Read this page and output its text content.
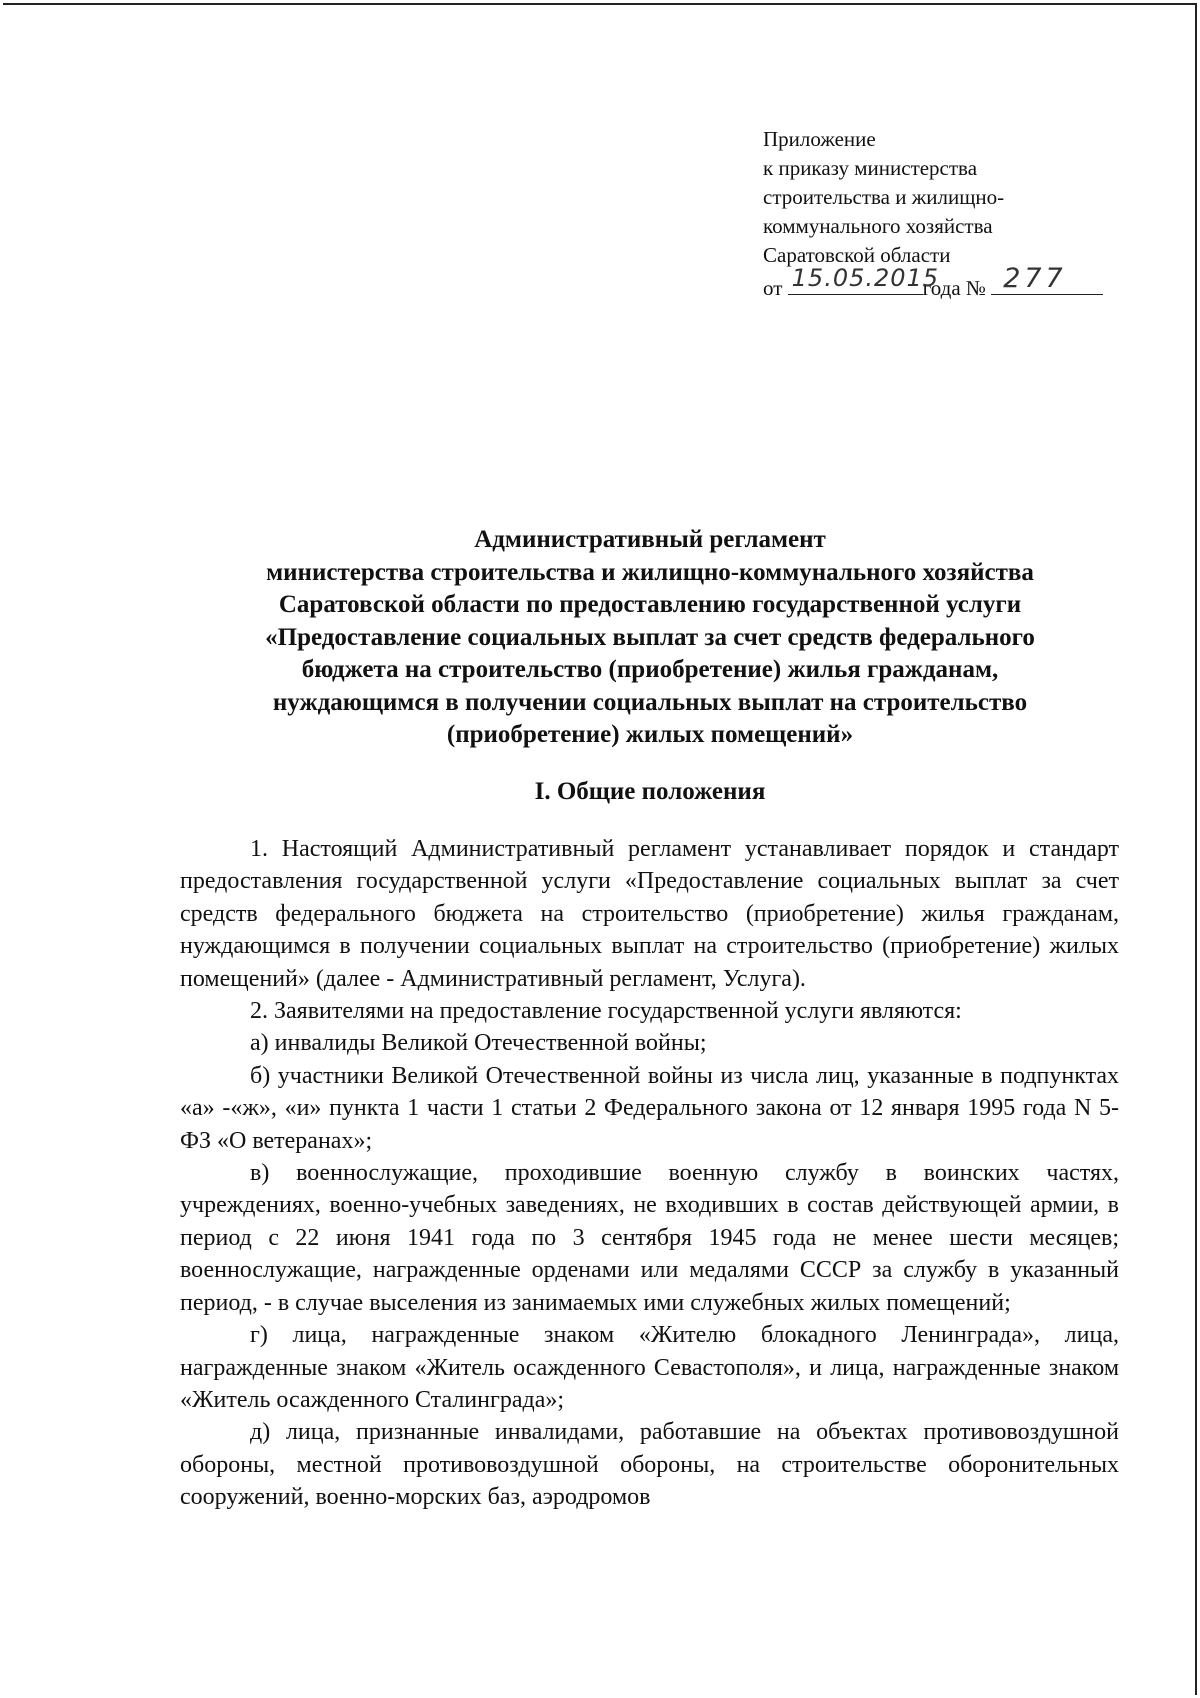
Приложение
к приказу министерства
строительства и жилищно-
коммунального хозяйства
Саратовской области
от 15.05.2015
года № 277
Административный регламент
министерства строительства и жилищно-коммунального хозяйства
Саратовской области по предоставлению государственной услуги
«Предоставление социальных выплат за счет средств федерального
бюджета на строительство (приобретение) жилья гражданам,
нуждающимся в получении социальных выплат на строительство
(приобретение) жилых помещений»
I. Общие положения

1. Настоящий Административный регламент устанавливает порядок и стандарт предоставления государственной услуги «Предоставление социальных выплат за счет средств федерального бюджета на строительство (приобретение) жилья гражданам, нуждающимся в получении социальных выплат на строительство (приобретение) жилых помещений» (далее - Административный регламент, Услуга).

2. Заявителями на предоставление государственной услуги являются:

а) инвалиды Великой Отечественной войны;

б) участники Великой Отечественной войны из числа лиц, указанные в подпунктах «а» -«ж», «и» пункта 1 части 1 статьи 2 Федерального закона от 12 января 1995 года N 5-ФЗ «О ветеранах»;

в) военнослужащие, проходившие военную службу в воинских частях, учреждениях, военно-учебных заведениях, не входивших в состав действующей армии, в период с 22 июня 1941 года по 3 сентября 1945 года не менее шести месяцев; военнослужащие, награжденные орденами или медалями СССР за службу в указанный период, - в случае выселения из занимаемых ими служебных жилых помещений;

г) лица, награжденные знаком «Жителю блокадного Ленинграда», лица, награжденные знаком «Житель осажденного Севастополя», и лица, награжденные знаком «Житель осажденного Сталинграда»;

д) лица, признанные инвалидами, работавшие на объектах противовоздушной обороны, местной противовоздушной обороны, на строительстве оборонительных сооружений, военно-морских баз, аэродромов
